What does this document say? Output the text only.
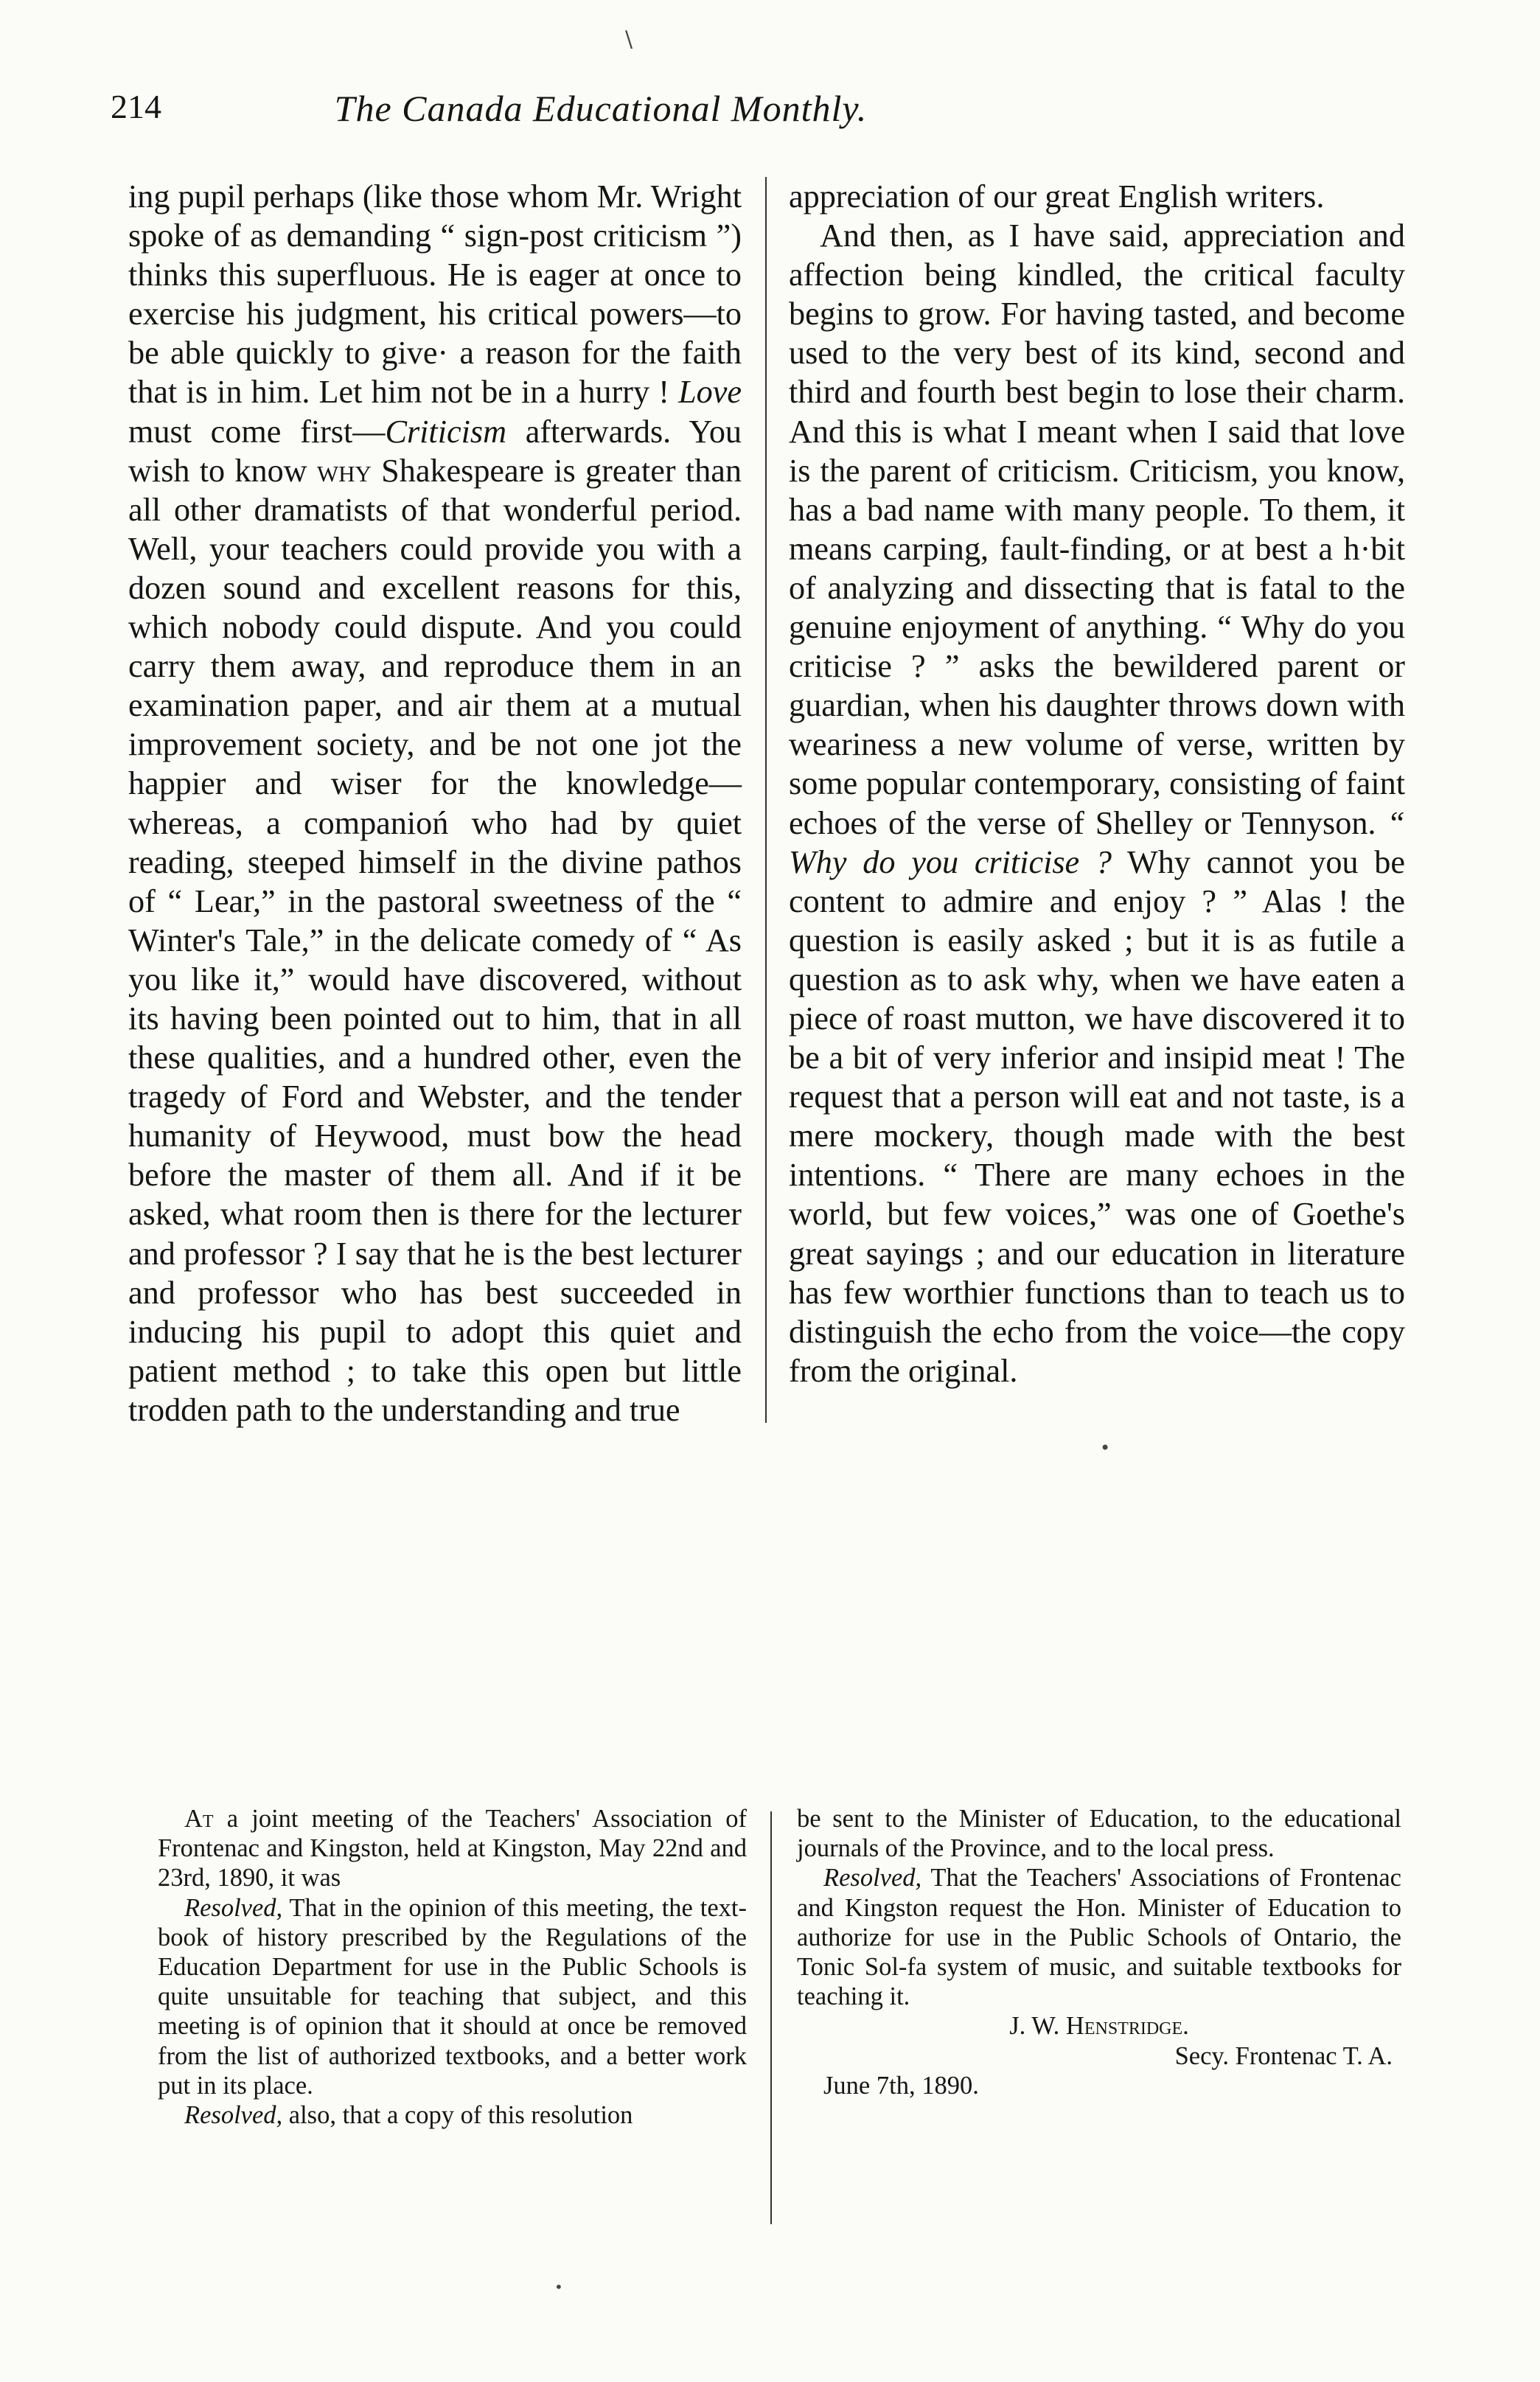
214	The Canada Educational Monthly.
\

ing pupil perhaps (like those whom Mr. Wright spoke of as demanding “ sign-post criticism ”) thinks this superfluous. He is eager at once to exercise his judgment, his critical powers—to be able quickly to give· a reason for the faith that is in him. Let him not be in a hurry ! Love must come first—Criticism afterwards. You wish to know why Shakespeare is greater than all other dramatists of that wonderful period. Well, your teachers could provide you with a dozen sound and excellent reasons for this, which nobody could dispute. And you could carry them away, and reproduce them in an examination paper, and air them at a mutual improvement society, and be not one jot the happier and wiser for the knowledge—whereas, a companioń who had by quiet reading, steeped himself in the divine pathos of “ Lear,” in the pastoral sweetness of the “ Winter's Tale,” in the delicate comedy of “ As you like it,” would have discovered, without its having been pointed out to him, that in all these qualities, and a hundred other, even the tragedy of Ford and Webster, and the tender humanity of Heywood, must bow the head before the master of them all. And if it be asked, what room then is there for the lecturer and professor ? I say that he is the best lecturer and professor who has best succeeded in inducing his pupil to adopt this quiet and patient method ; to take this open but little trodden path to the understanding and true

appreciation of our great English writers.

And then, as I have said, appreciation and affection being kindled, the critical faculty begins to grow. For having tasted, and become used to the very best of its kind, second and third and fourth best begin to lose their charm. And this is what I meant when I said that love is the parent of criticism. Criticism, you know, has a bad name with many people. To them, it means carping, fault-finding, or at best a h·bit of analyzing and dissecting that is fatal to the genuine enjoyment of anything. “ Why do you criticise ? ” asks the bewildered parent or guardian, when his daughter throws down with weariness a new volume of verse, written by some popular contemporary, consisting of faint echoes of the verse of Shelley or Tennyson. “ Why do you criticise ? Why cannot you be content to admire and enjoy ? ” Alas ! the question is easily asked ; but it is as futile a question as to ask why, when we have eaten a piece of roast mutton, we have discovered it to be a bit of very inferior and insipid meat ! The request that a person will eat and not taste, is a mere mockery, though made with the best intentions. “ There are many echoes in the world, but few voices,” was one of Goethe's great sayings ; and our education in literature has few worthier functions than to teach us to distinguish the echo from the voice—the copy from the original.

•

At a joint meeting of the Teachers' Association of Frontenac and Kingston, held at Kingston, May 22nd and 23rd, 1890, it was

Resolved, That in the opinion of this meeting, the text-book of history prescribed by the Regulations of the Education Department for use in the Public Schools is quite unsuitable for teaching that subject, and this meeting is of opinion that it should at once be removed from the list of authorized textbooks, and a better work put in its place.

Resolved, also, that a copy of this resolution

be sent to the Minister of Education, to the educational journals of the Province, and to the local press.

Resolved, That the Teachers' Associations of Frontenac and Kingston request the Hon. Minister of Education to authorize for use in the Public Schools of Ontario, the Tonic Sol-fa system of music, and suitable textbooks for teaching it.

J. W. Henstridge.

Secy. Frontenac T. A.

June 7th, 1890.

•
